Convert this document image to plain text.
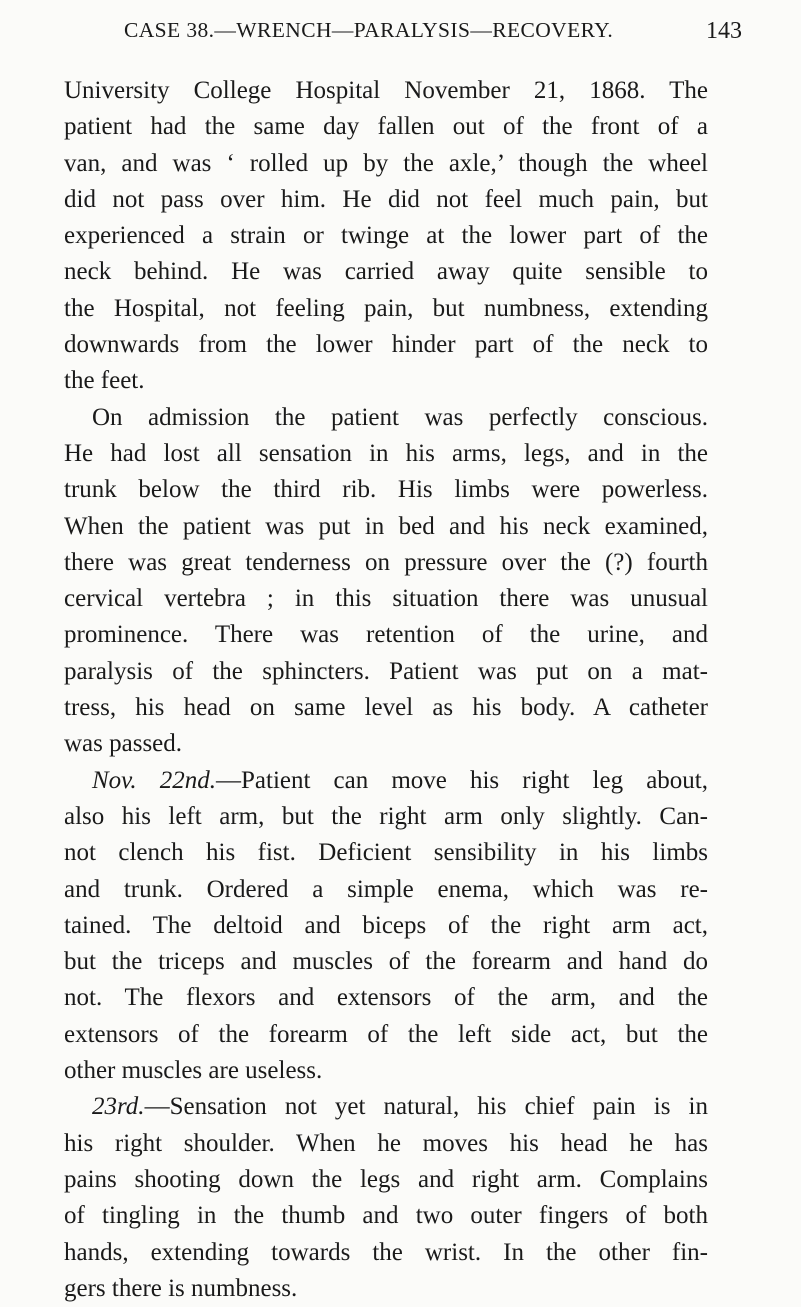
CASE 38.—WRENCH—PARALYSIS—RECOVERY.	143
University College Hospital November 21, 1868. The
patient had the same day fallen out of the front of a
van, and was ‘ rolled up by the axle,’ though the wheel
did not pass over him. He did not feel much pain, but
experienced a strain or twinge at the lower part of the
neck behind. He was carried away quite sensible to
the Hospital, not feeling pain, but numbness, extending
downwards from the lower hinder part of the neck to
the feet.
On admission the patient was perfectly conscious.
He had lost all sensation in his arms, legs, and in the
trunk below the third rib. His limbs were powerless.
When the patient was put in bed and his neck examined,
there was great tenderness on pressure over the (?) fourth
cervical vertebra ; in this situation there was unusual
prominence. There was retention of the urine, and
paralysis of the sphincters. Patient was put on a mat-
tress, his head on same level as his body. A catheter
was passed.
Nov. 22nd.—Patient can move his right leg about,
also his left arm, but the right arm only slightly. Can-
not clench his fist. Deficient sensibility in his limbs
and trunk. Ordered a simple enema, which was re-
tained. The deltoid and biceps of the right arm act,
but the triceps and muscles of the forearm and hand do
not. The flexors and extensors of the arm, and the
extensors of the forearm of the left side act, but the
other muscles are useless.
23rd.—Sensation not yet natural, his chief pain is in
his right shoulder. When he moves his head he has
pains shooting down the legs and right arm. Complains
of tingling in the thumb and two outer fingers of both
hands, extending towards the wrist. In the other fin-
gers there is numbness.
